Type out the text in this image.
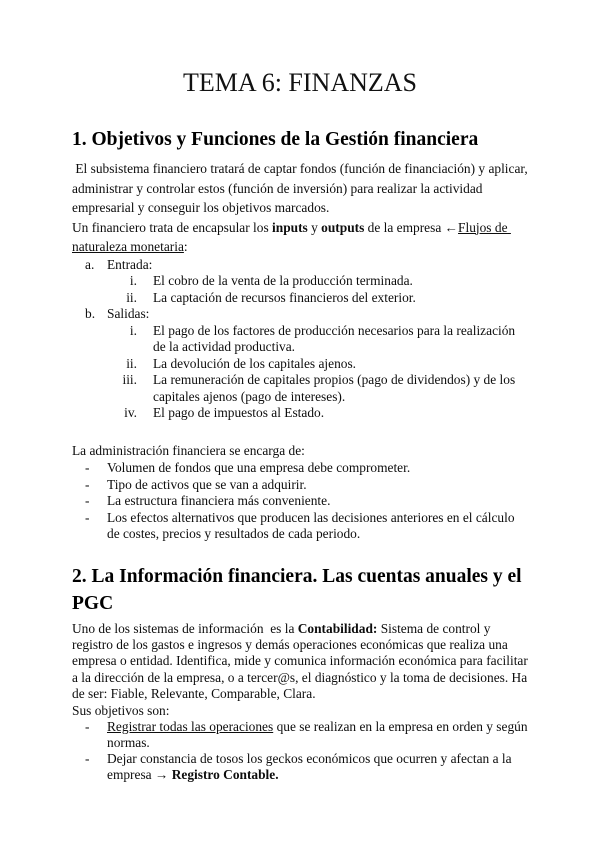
TEMA 6: FINANZAS
1. Objetivos y Funciones de la Gestión financiera
El subsistema financiero tratará de captar fondos (función de financiación) y aplicar, administrar y controlar estos (función de inversión) para realizar la actividad empresarial y conseguir los objetivos marcados.
Un financiero trata de encapsular los inputs y outputs de la empresa ←Flujos de naturaleza monetaria:
a. Entrada:
i. El cobro de la venta de la producción terminada.
ii. La captación de recursos financieros del exterior.
b. Salidas:
i. El pago de los factores de producción necesarios para la realización de la actividad productiva.
ii. La devolución de los capitales ajenos.
iii. La remuneración de capitales propios (pago de dividendos) y de los capitales ajenos (pago de intereses).
iv. El pago de impuestos al Estado.
La administración financiera se encarga de:
-	Volumen de fondos que una empresa debe comprometer.
-	Tipo de activos que se van a adquirir.
-	La estructura financiera más conveniente.
-	Los efectos alternativos que producen las decisiones anteriores en el cálculo de costes, precios y resultados de cada periodo.
2. La Información financiera. Las cuentas anuales y el PGC
Uno de los sistemas de información  es la Contabilidad: Sistema de control y registro de los gastos e ingresos y demás operaciones económicas que realiza una empresa o entidad. Identifica, mide y comunica información económica para facilitar a la dirección de la empresa, o a tercer@s, el diagnóstico y la toma de decisiones. Ha de ser: Fiable, Relevante, Comparable, Clara.
Sus objetivos son:
-	Registrar todas las operaciones que se realizan en la empresa en orden y según normas.
-	Dejar constancia de tosos los geckos económicos que ocurren y afectan a la empresa → Registro Contable.
